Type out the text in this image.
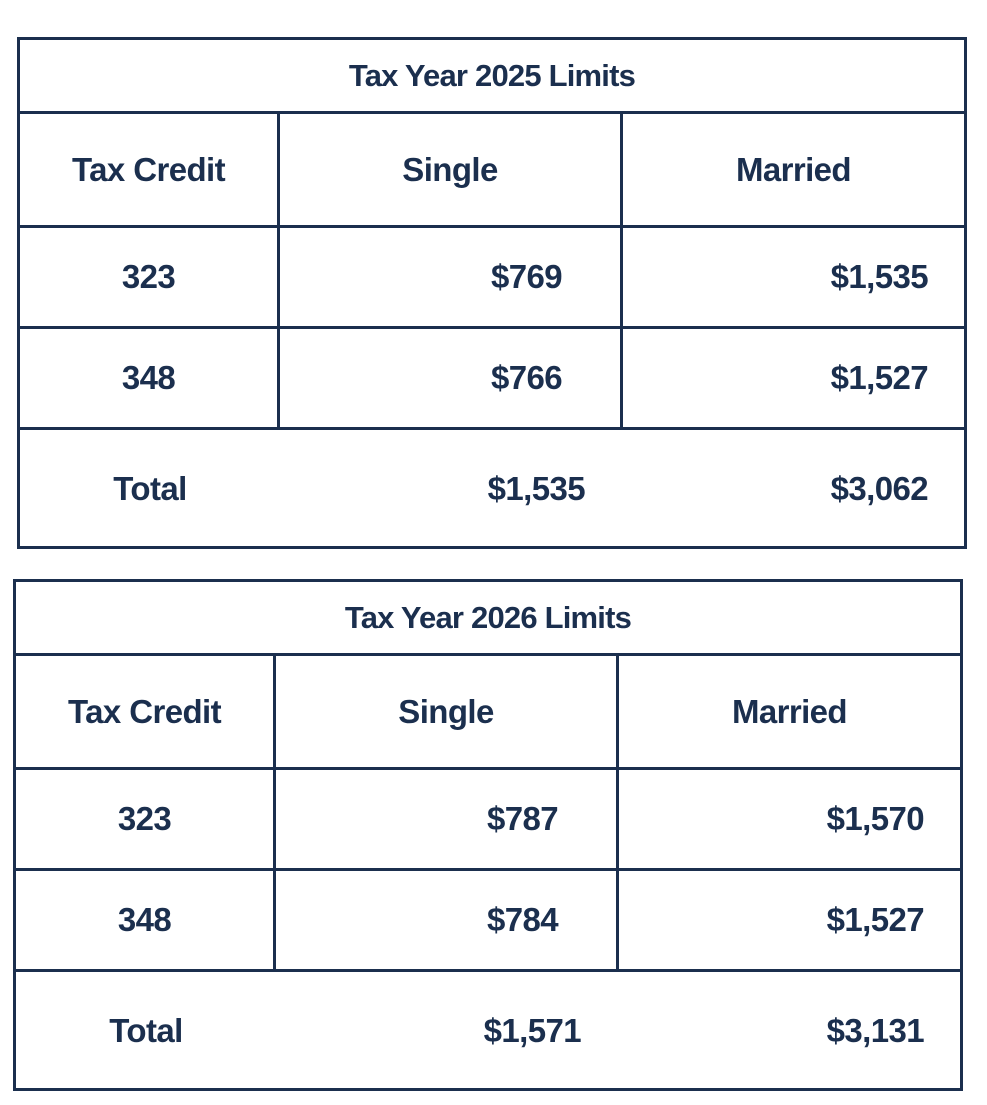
Tax Year 2025 Limits
Tax Credit	Single	Married
323	$769	$1,535
348	$766	$1,527
Total	$1,535	$3,062
Tax Year 2026 Limits
Tax Credit	Single	Married
323	$787	$1,570
348	$784	$1,527
Total	$1,571	$3,131
